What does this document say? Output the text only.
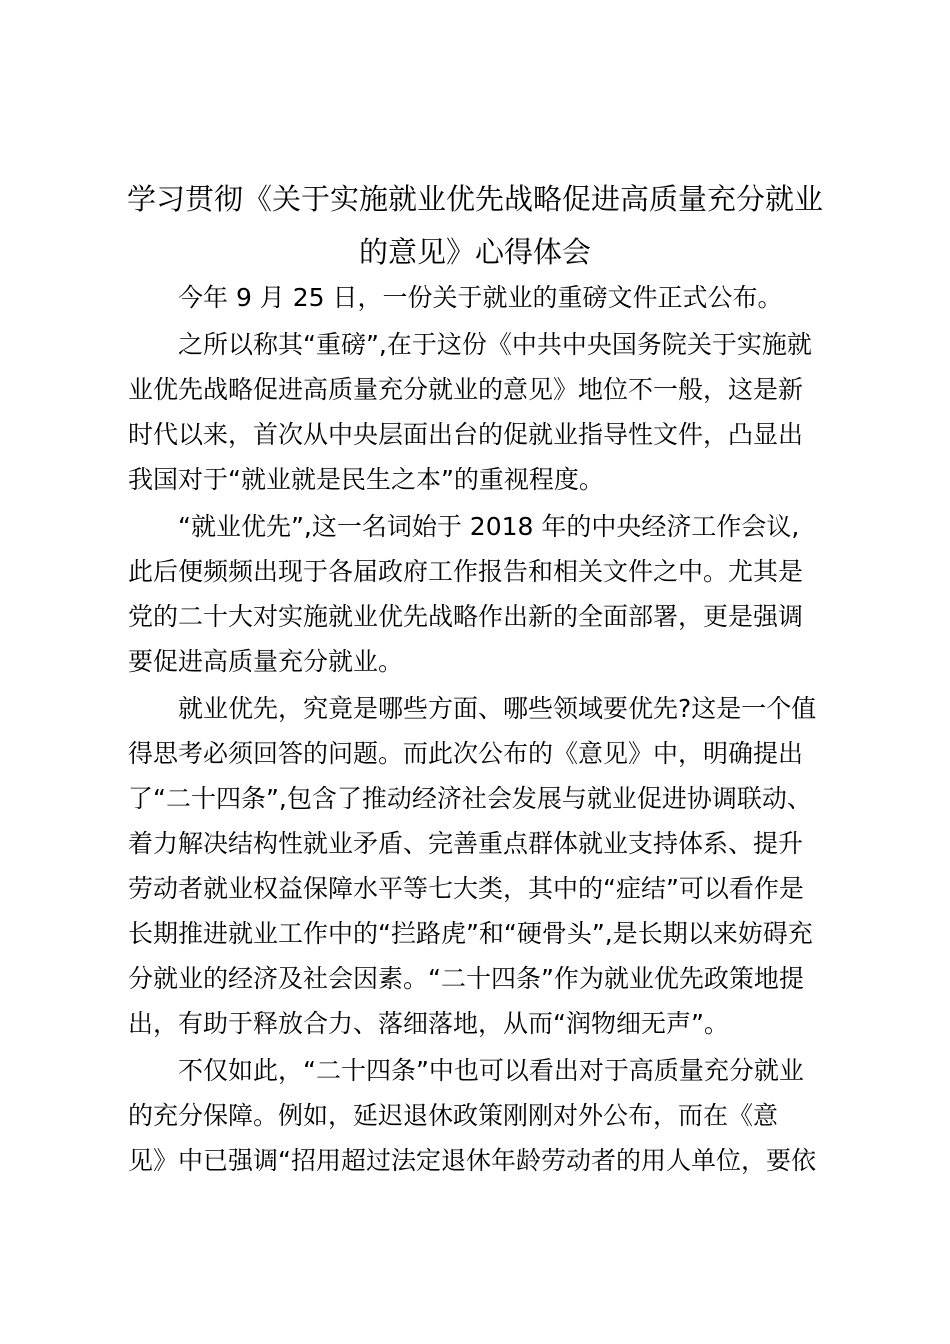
学习贯彻《关于实施就业优先战略促进高质量充分就业
的意见》心得体会

今年 9 月 25 日，一份关于就业的重磅文件正式公布。

之所以称其“重磅”,在于这份《中共中央国务院关于实施就

业优先战略促进高质量充分就业的意见》地位不一般，这是新

时代以来，首次从中央层面出台的促就业指导性文件，凸显出

我国对于“就业就是民生之本”的重视程度。

“就业优先”,这一名词始于 2018 年的中央经济工作会议,

此后便频频出现于各届政府工作报告和相关文件之中。尤其是

党的二十大对实施就业优先战略作出新的全面部署，更是强调

要促进高质量充分就业。

就业优先，究竟是哪些方面、哪些领域要优先?这是一个值

得思考必须回答的问题。而此次公布的《意见》中，明确提出

了“二十四条”,包含了推动经济社会发展与就业促进协调联动、

着力解决结构性就业矛盾、完善重点群体就业支持体系、提升

劳动者就业权益保障水平等七大类，其中的“症结”可以看作是

长期推进就业工作中的“拦路虎”和“硬骨头”,是长期以来妨碍充

分就业的经济及社会因素。“二十四条”作为就业优先政策地提

出，有助于释放合力、落细落地，从而“润物细无声”。

不仅如此，“二十四条”中也可以看出对于高质量充分就业

的充分保障。例如，延迟退休政策刚刚对外公布，而在《意

见》中已强调“招用超过法定退休年龄劳动者的用人单位，要依
